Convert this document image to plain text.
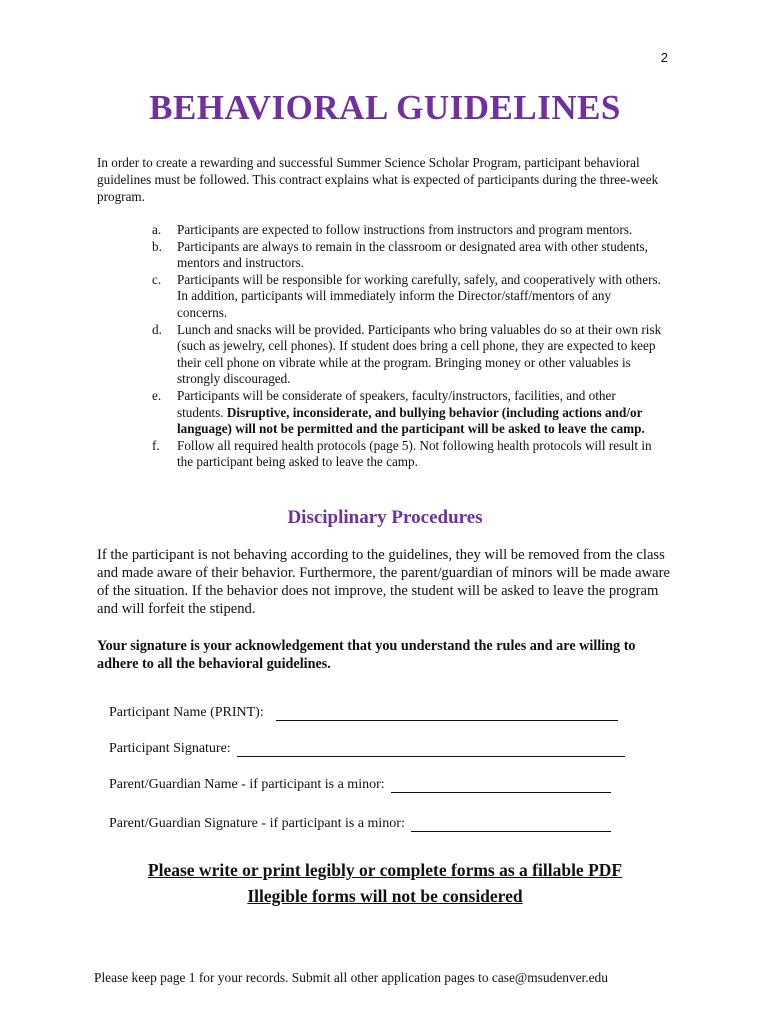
2
BEHAVIORAL GUIDELINES
In order to create a rewarding and successful Summer Science Scholar Program, participant behavioral guidelines must be followed. This contract explains what is expected of participants during the three-week program.
a. Participants are expected to follow instructions from instructors and program mentors.
b. Participants are always to remain in the classroom or designated area with other students, mentors and instructors.
c. Participants will be responsible for working carefully, safely, and cooperatively with others. In addition, participants will immediately inform the Director/staff/mentors of any concerns.
d. Lunch and snacks will be provided. Participants who bring valuables do so at their own risk (such as jewelry, cell phones). If student does bring a cell phone, they are expected to keep their cell phone on vibrate while at the program. Bringing money or other valuables is strongly discouraged.
e. Participants will be considerate of speakers, faculty/instructors, facilities, and other students. Disruptive, inconsiderate, and bullying behavior (including actions and/or language) will not be permitted and the participant will be asked to leave the camp.
f. Follow all required health protocols (page 5). Not following health protocols will result in the participant being asked to leave the camp.
Disciplinary Procedures
If the participant is not behaving according to the guidelines, they will be removed from the class and made aware of their behavior. Furthermore, the parent/guardian of minors will be made aware of the situation. If the behavior does not improve, the student will be asked to leave the program and will forfeit the stipend.
Your signature is your acknowledgement that you understand the rules and are willing to adhere to all the behavioral guidelines.
Participant Name (PRINT):
Participant Signature:
Parent/Guardian Name - if participant is a minor:
Parent/Guardian Signature - if participant is a minor:
Please write or print legibly or complete forms as a fillable PDF
Illegible forms will not be considered
Please keep page 1 for your records. Submit all other application pages to case@msudenver.edu
